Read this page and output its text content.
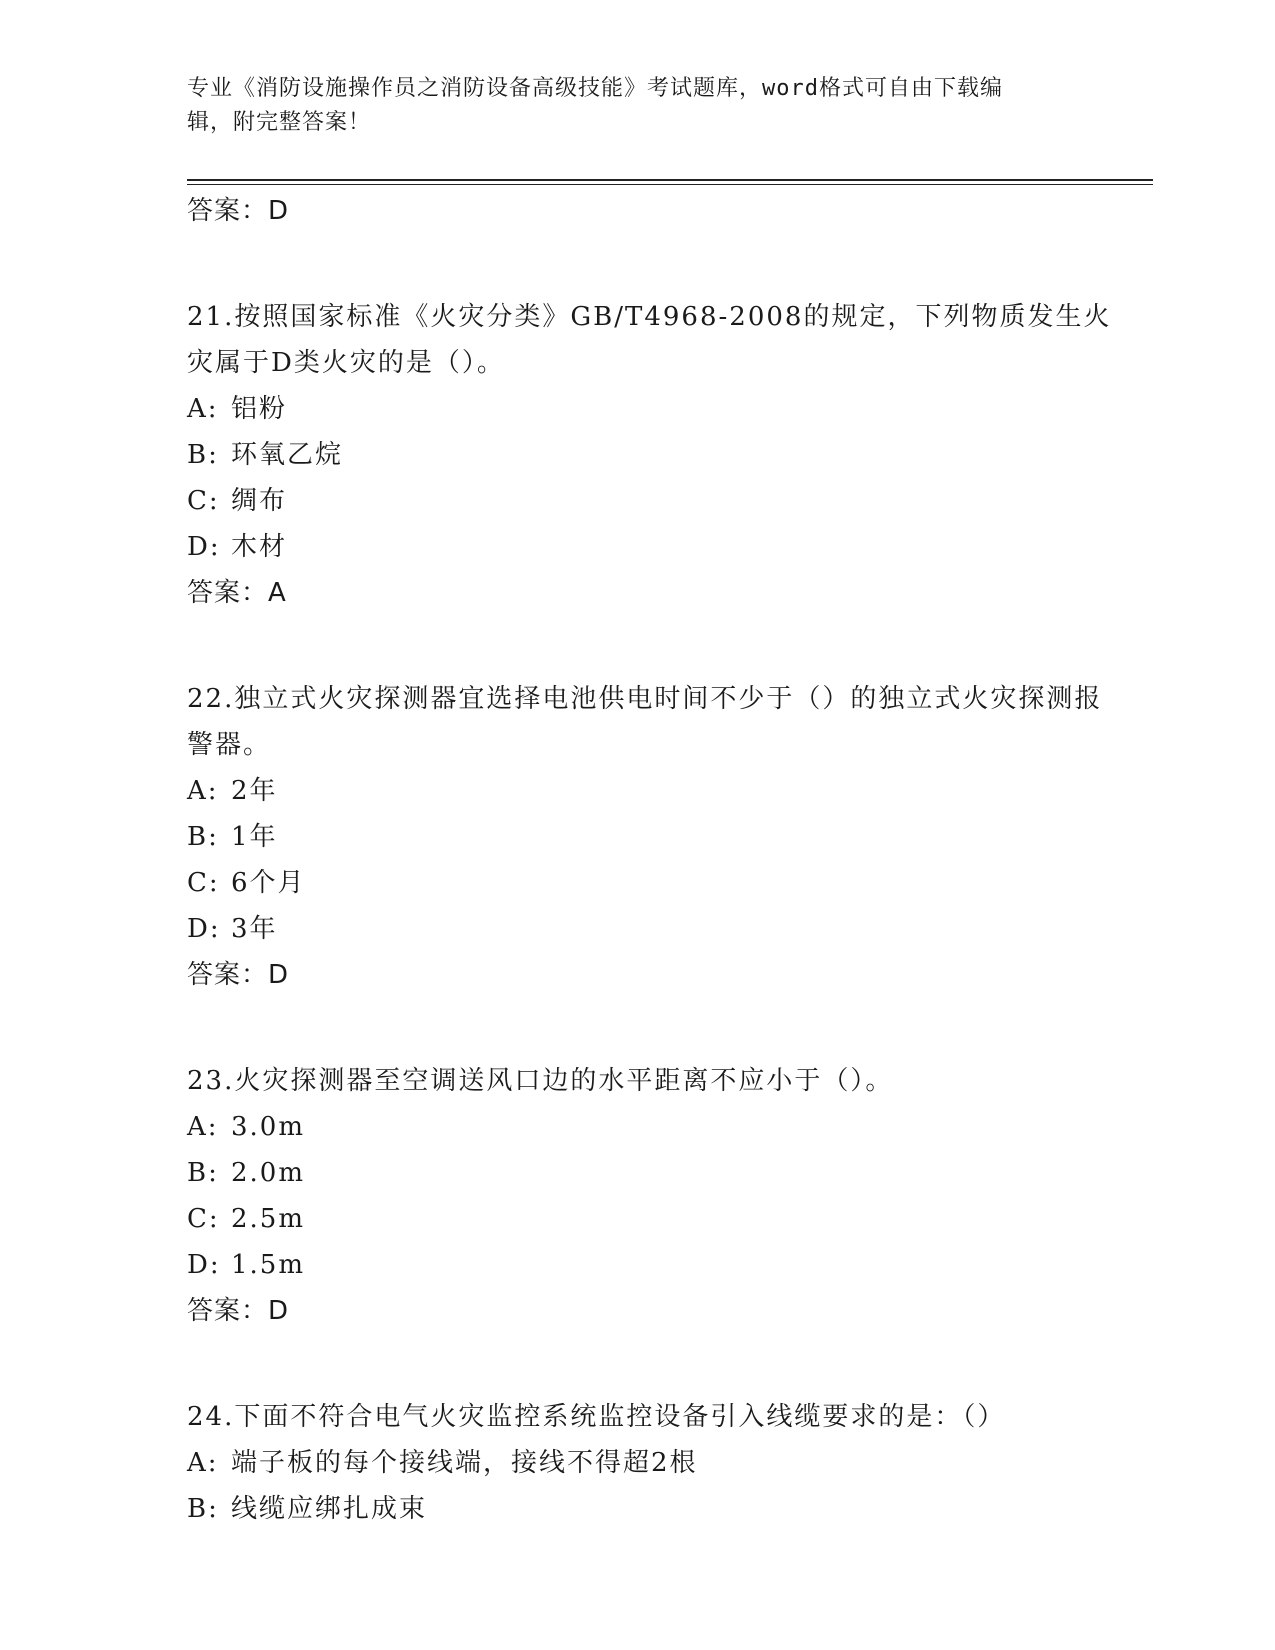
专业《消防设施操作员之消防设备高级技能》考试题库，word格式可自由下载编
辑，附完整答案！
答案：D
21.按照国家标准《火灾分类》GB/T4968-2008的规定，下列物质发生火灾属于D类火灾的是（）。
A: 铝粉
B: 环氧乙烷
C: 绸布
D: 木材
答案：A
22.独立式火灾探测器宜选择电池供电时间不少于（）的独立式火灾探测报警器。
A: 2年
B: 1年
C: 6个月
D: 3年
答案：D
23.火灾探测器至空调送风口边的水平距离不应小于（）。
A: 3.0m
B: 2.0m
C: 2.5m
D: 1.5m
答案：D
24.下面不符合电气火灾监控系统监控设备引入线缆要求的是：（）
A: 端子板的每个接线端，接线不得超2根
B: 线缆应绑扎成束
